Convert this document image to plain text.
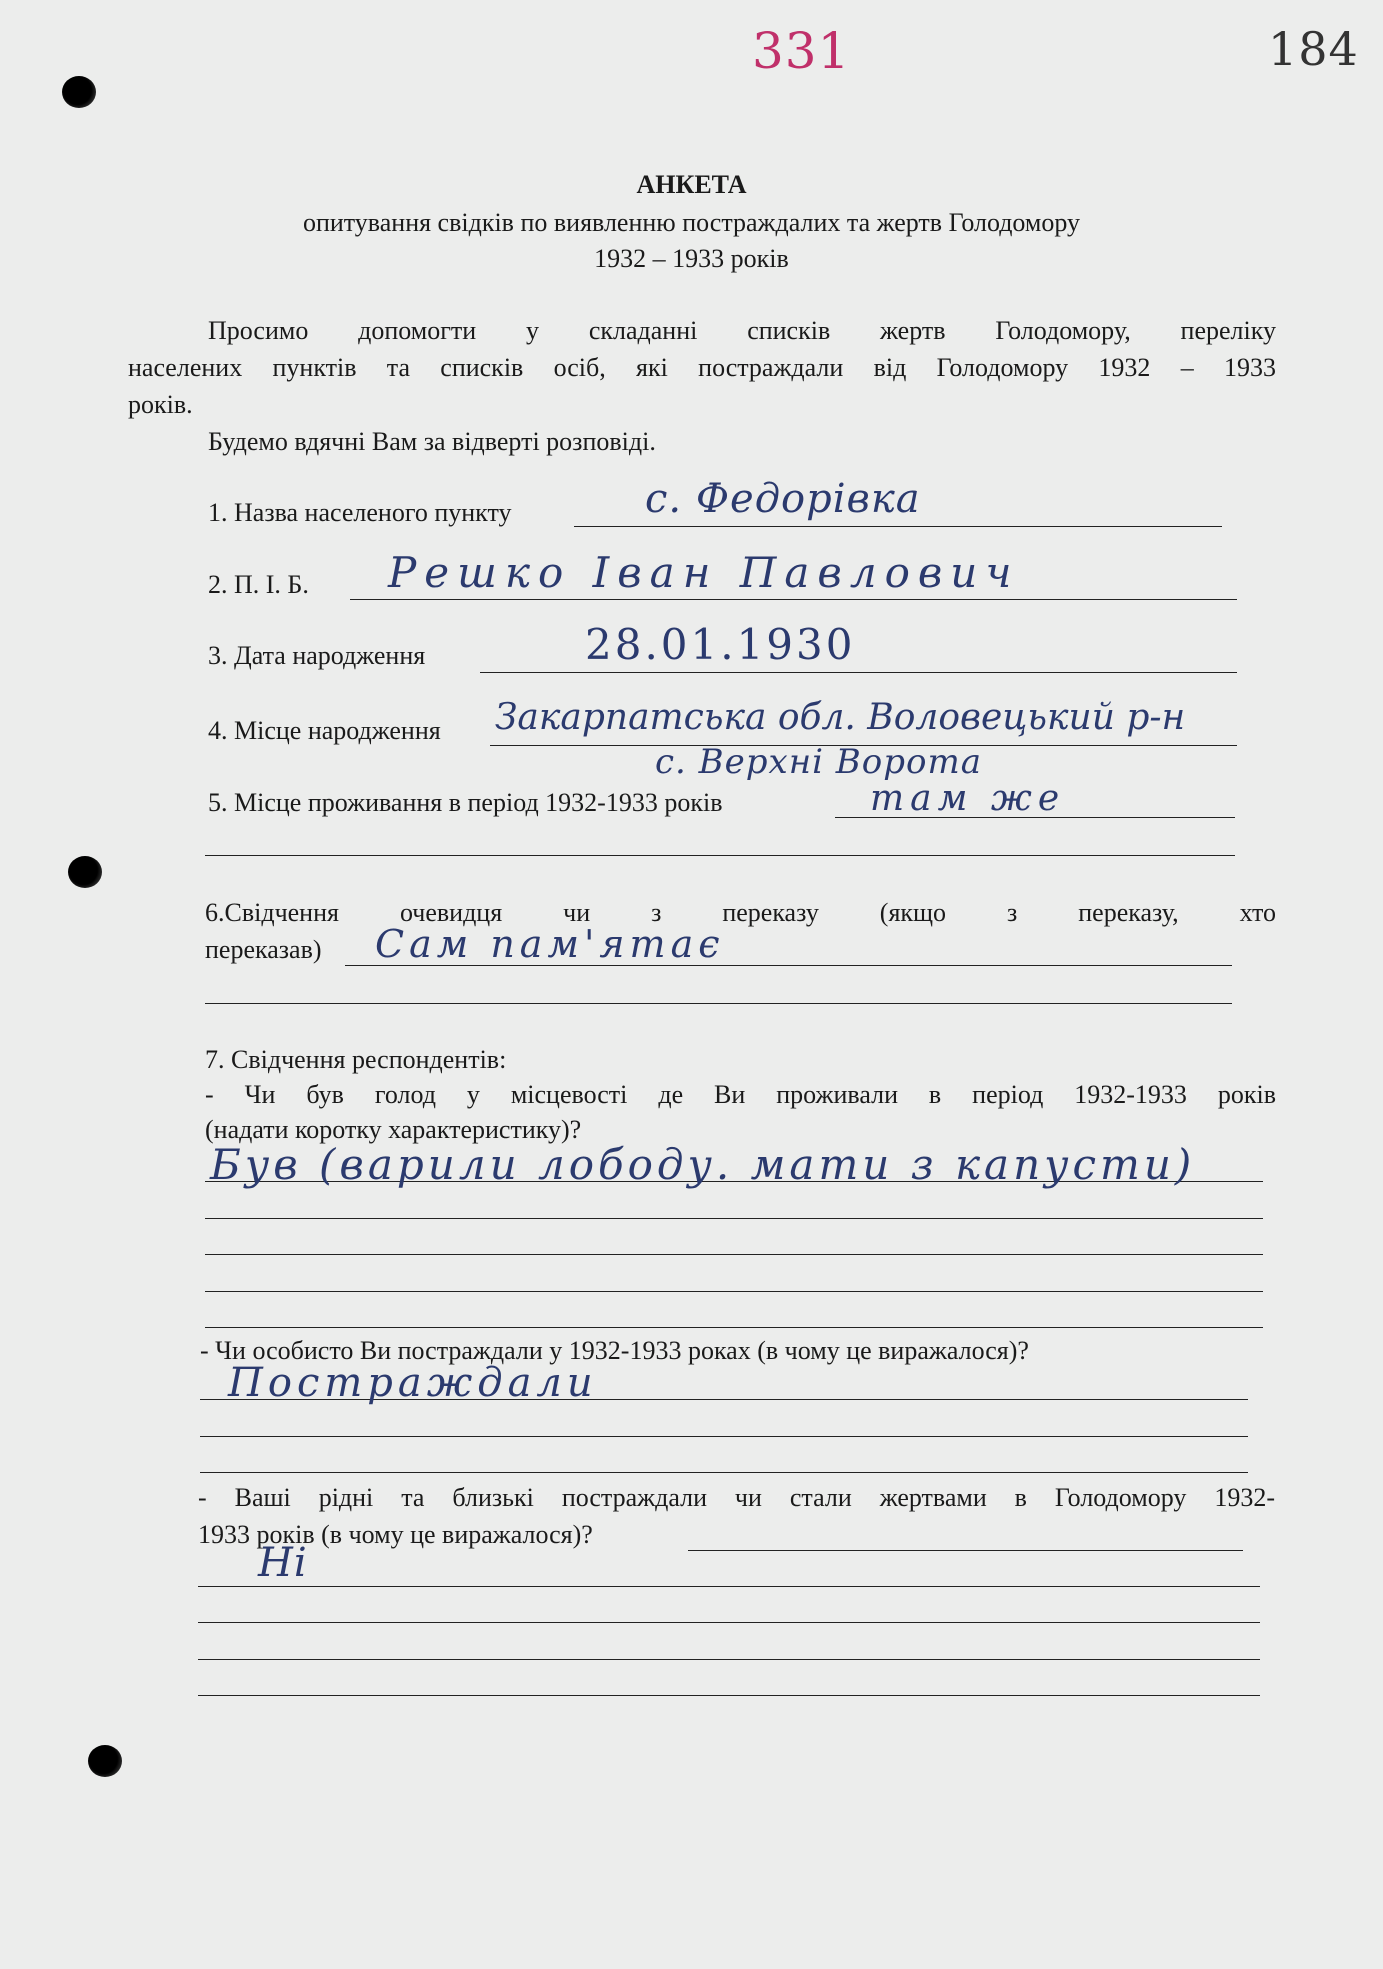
331	184
АНКЕТА
опитування свідків по виявленню постраждалих та жертв Голодомору
1932 – 1933 років
Просимо допомогти у складанні списків жертв Голодомору, переліку
населених пунктів та списків осіб, які постраждали від Голодомору 1932 – 1933
років.
Будемо вдячні Вам за відверті розповіді.
1. Назва населеного пункту	с. Федорівка
2. П. І. Б. Решко Іван Павлович
3. Дата народження	28.01.1930
4. Місце народження Закарпатська обл. Воловецький р-н
с. Верхні Ворота
5. Місце проживання в період 1932-1933 років	там же
6.Свідчення очевидця чи з переказу (якщо з переказу, хто
переказав) Сам пам'ятає
7. Свідчення респондентів:
- Чи був голод у місцевості де Ви проживали в період 1932-1933 років
(надати коротку характеристику)?
Був (варили лободу. мати з капусти)
- Чи особисто Ви постраждали у 1932-1933 роках (в чому це виражалося)?
Постраждали
- Ваші рідні та близькі постраждали чи стали жертвами в Голодомору 1932-
1933 років (в чому це виражалося)?
Ні
